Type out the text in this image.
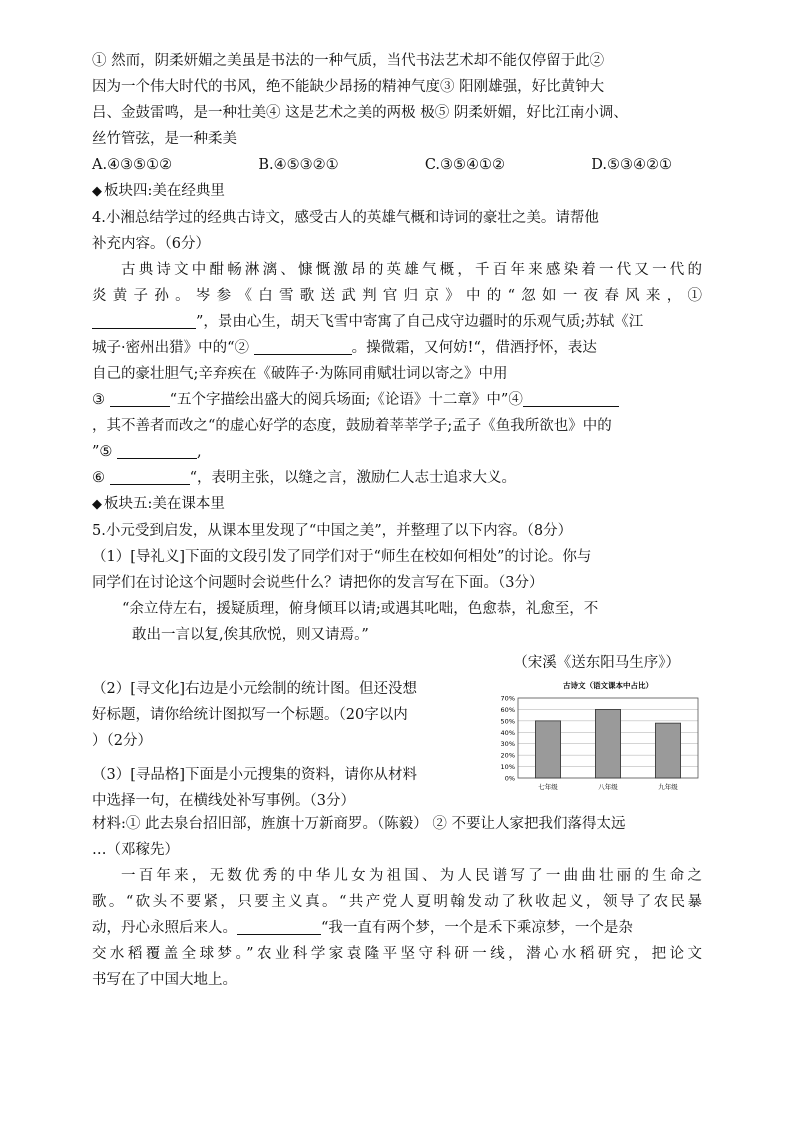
① 然而，阴柔妍媚之美虽是书法的一种气质，当代书法艺术却不能仅停留于此②

因为一个伟大时代的书风，绝不能缺少昂扬的精神气度③ 阳刚雄强，好比黄钟大

吕、金鼓雷鸣，是一种壮美④ 这是艺术之美的两极 极⑤ 阴柔妍媚，好比江南小调、

丝竹管弦，是一种柔美

A.④③⑤①②	B.④⑤③②①	C.③⑤④①②	D.⑤③④②①

◆ 板块四:美在经典里

4.小湘总结学过的经典古诗文，感受古人的英雄气概和诗词的豪壮之美。请帮他

补充内容。（6分）

古典诗文中酣畅淋漓、慷慨激昂的英雄气概，千百年来感染着一代又一代的

炎黄子孙。岑参《白雪歌送武判官归京》中的“忽如一夜春风来，①

”，景由心生，胡天飞雪中寄寓了自己戍守边疆时的乐观气质;苏轼《江

城子·密州出猎》中的“②	。操微霜，又何妨!“，借酒抒怀，表达

自己的豪壮胆气;辛弃疾在《破阵子·为陈同甫赋壮词以寄之》中用

③	“五个字描绘出盛大的阅兵场面;《论语》十二章》中”④

，其不善者而改之“的虚心好学的态度，鼓励着莘莘学子;孟子《鱼我所欲也》中的

”⑤	,

⑥	“，表明主张，以缝之言，激励仁人志士追求大义。

◆ 板块五:美在课本里

5.小元受到启发，从课本里发现了“中国之美”，并整理了以下内容。（8分）

（1）[导礼义]下面的文段引发了同学们对于“师生在校如何相处”的讨论。你与

同学们在讨论这个问题时会说些什么？请把你的发言写在下面。（3分）

“余立侍左右，援疑质理，俯身倾耳以请;或遇其叱咄，色愈恭，礼愈至，不

敢出一言以复,俟其欣悦，则又请焉。”

（宋溪《送东阳马生序》）

（2）[寻文化]右边是小元绘制的统计图。但还没想

好标题，请你给统计图拟写一个标题。（20字以内

）（2分）

（3）[寻品格]下面是小元搜集的资料，请你从材料

中选择一句，在横线处补写事例。（3分）

古诗文（语文课本中占比）
70%
60%
50%
40%
30%
20%
10%
0%
七年级	八年级	九年级

材料:① 此去泉台招旧部，旌旗十万新商罗。（陈毅） ② 不要让人家把我们落得太远

…（邓稼先）

一百年来，无数优秀的中华儿女为祖国、为人民谱写了一曲曲壮丽的生命之

歌。“砍头不要紧，只要主义真。“共产党人夏明翰发动了秋收起义，领导了农民暴

动，丹心永照后来人。	“我一直有两个梦，一个是禾下乘凉梦，一个是杂

交水稻覆盖全球梦。”农业科学家袁隆平坚守科研一线，潜心水稻研究，把论文

书写在了中国大地上。
